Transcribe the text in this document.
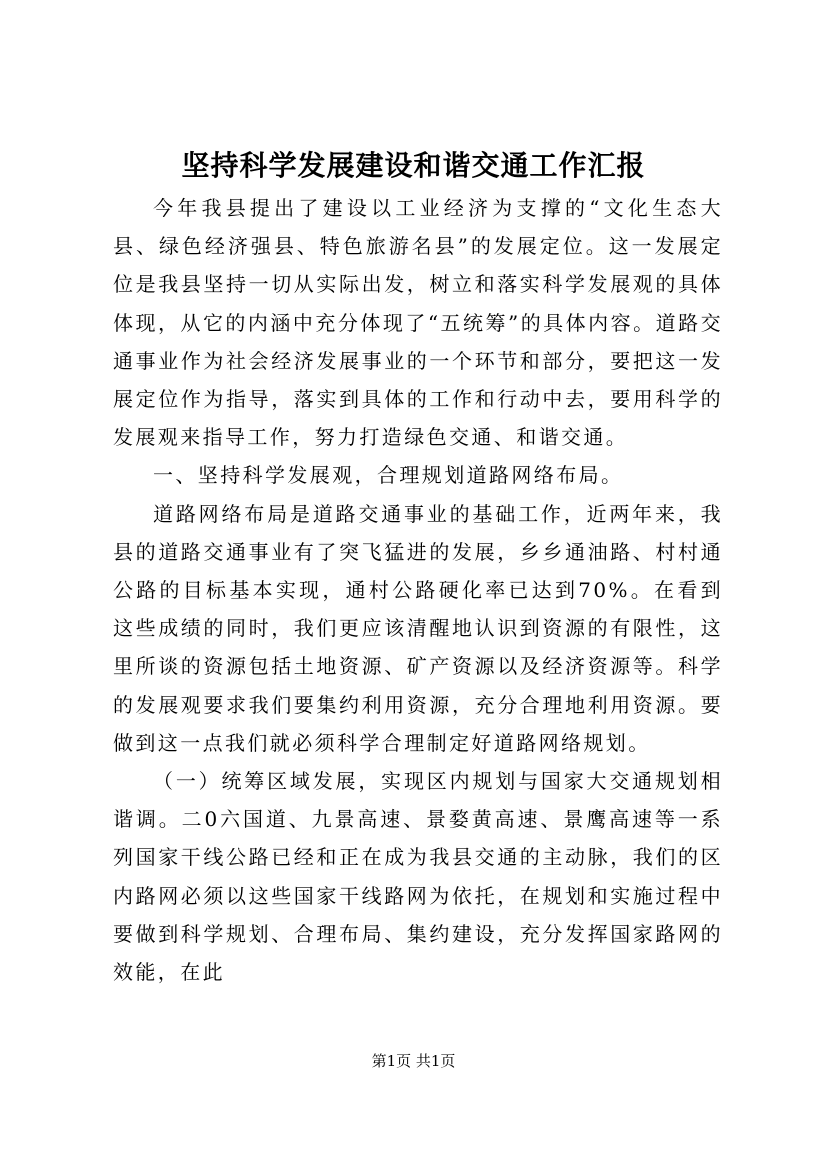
坚持科学发展建设和谐交通工作汇报

今年我县提出了建设以工业经济为支撑的“文化生态大县、绿色经济强县、特色旅游名县”的发展定位。这一发展定位是我县坚持一切从实际出发，树立和落实科学发展观的具体体现，从它的内涵中充分体现了“五统筹”的具体内容。道路交通事业作为社会经济发展事业的一个环节和部分，要把这一发展定位作为指导，落实到具体的工作和行动中去，要用科学的发展观来指导工作，努力打造绿色交通、和谐交通。

一、坚持科学发展观，合理规划道路网络布局。

道路网络布局是道路交通事业的基础工作，近两年来，我县的道路交通事业有了突飞猛进的发展，乡乡通油路、村村通公路的目标基本实现，通村公路硬化率已达到70%。在看到这些成绩的同时，我们更应该清醒地认识到资源的有限性，这里所谈的资源包括土地资源、矿产资源以及经济资源等。科学的发展观要求我们要集约利用资源，充分合理地利用资源。要做到这一点我们就必须科学合理制定好道路网络规划。

（一）统筹区域发展，实现区内规划与国家大交通规划相谐调。二0六国道、九景高速、景婺黄高速、景鹰高速等一系列国家干线公路已经和正在成为我县交通的主动脉，我们的区内路网必须以这些国家干线路网为依托，在规划和实施过程中要做到科学规划、合理布局、集约建设，充分发挥国家路网的效能，在此

第1页 共1页
